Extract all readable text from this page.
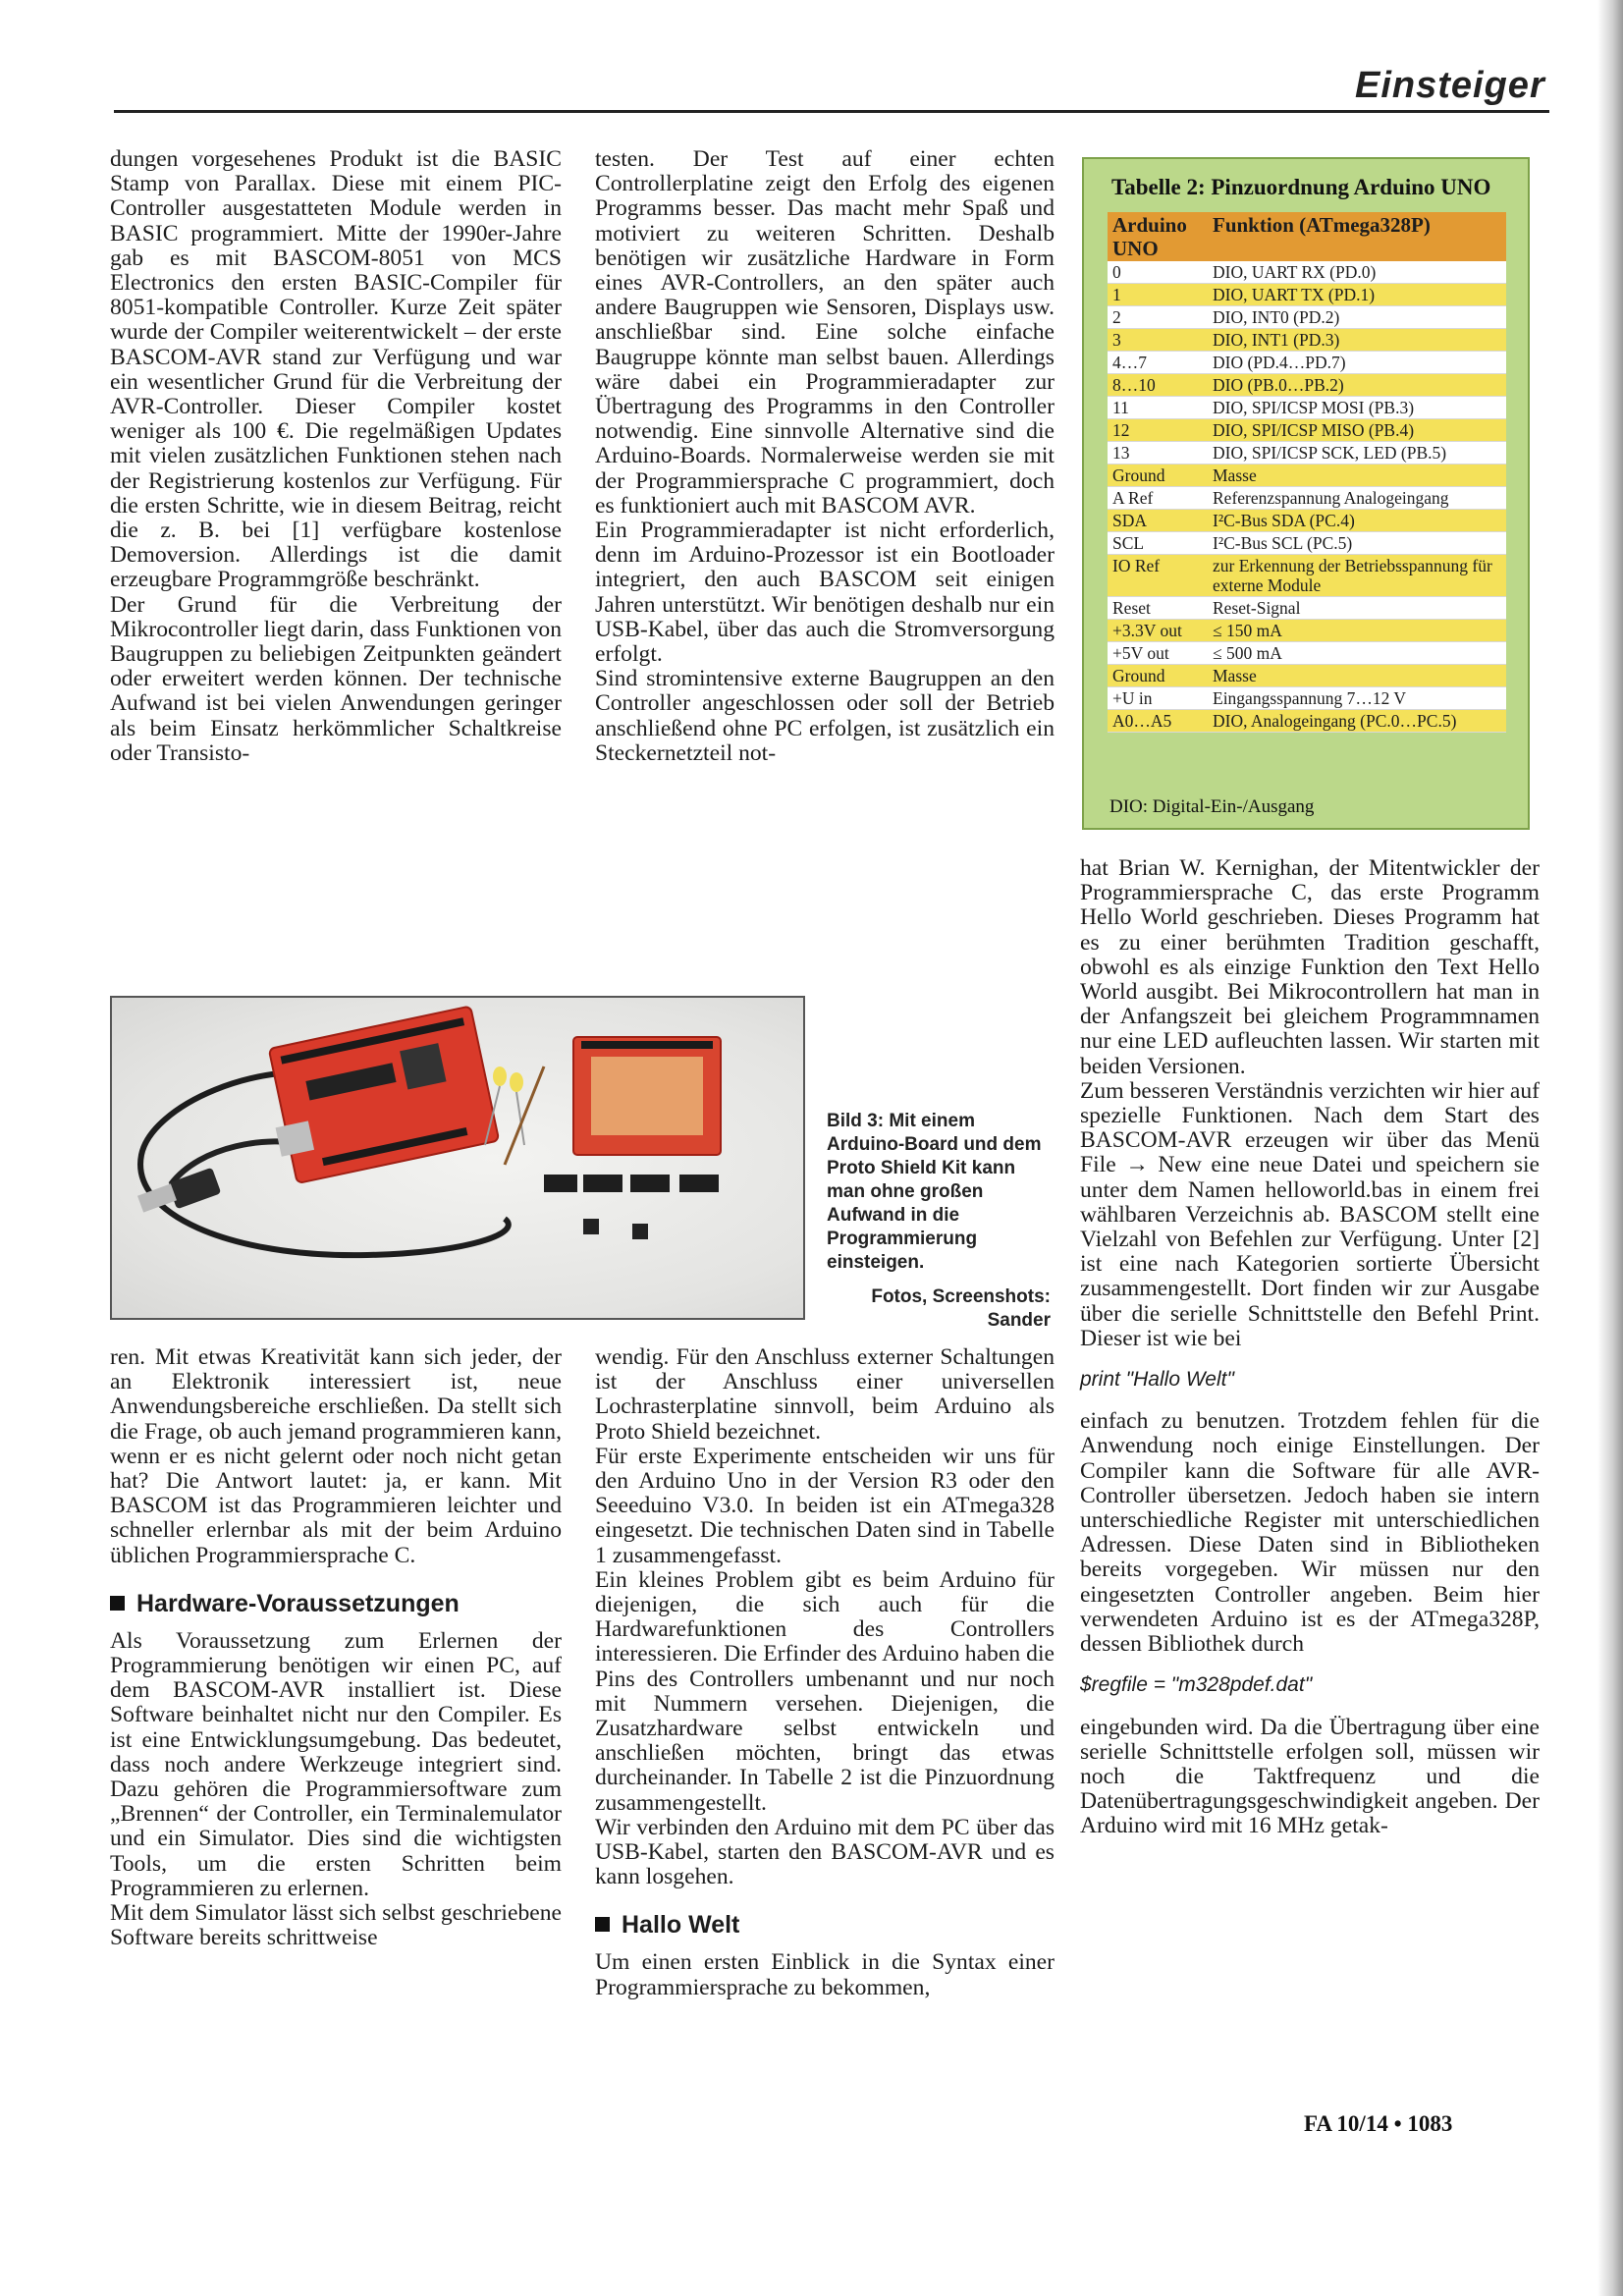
Einsteiger

dungen vorgesehenes Produkt ist die BASIC Stamp von Parallax. Diese mit einem PIC-Controller ausgestatteten Module werden in BASIC programmiert. Mitte der 1990er-Jahre gab es mit BASCOM-8051 von MCS Electronics den ersten BASIC-Compiler für 8051-kompatible Controller. Kurze Zeit später wurde der Compiler weiterentwickelt – der erste BASCOM-AVR stand zur Verfügung und war ein wesentlicher Grund für die Verbreitung der AVR-Controller. Dieser Compiler kostet weniger als 100 €. Die regelmäßigen Updates mit vielen zusätzlichen Funktionen stehen nach der Registrierung kostenlos zur Verfügung. Für die ersten Schritte, wie in diesem Beitrag, reicht die z. B. bei [1] verfügbare kostenlose Demoversion. Allerdings ist die damit erzeugbare Programmgröße beschränkt.

Der Grund für die Verbreitung der Mikrocontroller liegt darin, dass Funktionen von Baugruppen zu beliebigen Zeitpunkten geändert oder erweitert werden können. Der technische Aufwand ist bei vielen Anwendungen geringer als beim Einsatz herkömmlicher Schaltkreise oder Transisto-

testen. Der Test auf einer echten Controllerplatine zeigt den Erfolg des eigenen Programms besser. Das macht mehr Spaß und motiviert zu weiteren Schritten. Deshalb benötigen wir zusätzliche Hardware in Form eines AVR-Controllers, an den später auch andere Baugruppen wie Sensoren, Displays usw. anschließbar sind. Eine solche einfache Baugruppe könnte man selbst bauen. Allerdings wäre dabei ein Programmieradapter zur Übertragung des Programms in den Controller notwendig. Eine sinnvolle Alternative sind die Arduino-Boards. Normalerweise werden sie mit der Programmiersprache C programmiert, doch es funktioniert auch mit BASCOM AVR.

Ein Programmieradapter ist nicht erforderlich, denn im Arduino-Prozessor ist ein Bootloader integriert, den auch BASCOM seit einigen Jahren unterstützt. Wir benötigen deshalb nur ein USB-Kabel, über das auch die Stromversorgung erfolgt.

Sind stromintensive externe Baugruppen an den Controller angeschlossen oder soll der Betrieb anschließend ohne PC erfolgen, ist zusätzlich ein Steckernetzteil not-

Tabelle 2: Pinzuordnung Arduino UNO
Arduino UNO	Funktion (ATmega328P)
0	DIO, UART RX (PD.0)
1	DIO, UART TX (PD.1)
2	DIO, INT0 (PD.2)
3	DIO, INT1 (PD.3)
4…7	DIO (PD.4…PD.7)
8…10	DIO (PB.0…PB.2)
11	DIO, SPI/ICSP MOSI (PB.3)
12	DIO, SPI/ICSP MISO (PB.4)
13	DIO, SPI/ICSP SCK, LED (PB.5)
Ground	Masse
A Ref	Referenzspannung Analogeingang
SDA	I²C-Bus SDA (PC.4)
SCL	I²C-Bus SCL (PC.5)
IO Ref	zur Erkennung der Betriebsspannung für externe Module
Reset	Reset-Signal
+3.3V out	≤ 150 mA
+5V out	≤ 500 mA
Ground	Masse
+U in	Eingangsspannung 7…12 V
A0…A5	DIO, Analogeingang (PC.0…PC.5)
DIO: Digital-Ein-/Ausgang

hat Brian W. Kernighan, der Mitentwickler der Programmiersprache C, das erste Programm Hello World geschrieben. Dieses Programm hat es zu einer berühmten Tradition geschafft, obwohl es als einzige Funktion den Text Hello World ausgibt. Bei Mikrocontrollern hat man in der Anfangszeit bei gleichem Programmnamen nur eine LED aufleuchten lassen. Wir starten mit beiden Versionen.

Zum besseren Verständnis verzichten wir hier auf spezielle Funktionen. Nach dem Start des BASCOM-AVR erzeugen wir über das Menü File → New eine neue Datei und speichern sie unter dem Namen helloworld.bas in einem frei wählbaren Verzeichnis ab. BASCOM stellt eine Vielzahl von Befehlen zur Verfügung. Unter [2] ist eine nach Kategorien sortierte Übersicht zusammengestellt. Dort finden wir zur Ausgabe über die serielle Schnittstelle den Befehl Print. Dieser ist wie bei

print "Hallo Welt"

einfach zu benutzen. Trotzdem fehlen für die Anwendung noch einige Einstellungen. Der Compiler kann die Software für alle AVR-Controller übersetzen. Jedoch haben sie intern unterschiedliche Register mit unterschiedlichen Adressen. Diese Daten sind in Bibliotheken bereits vorgegeben. Wir müssen nur den eingesetzten Controller angeben. Beim hier verwendeten Arduino ist es der ATmega328P, dessen Bibliothek durch

$regfile = "m328pdef.dat"

eingebunden wird. Da die Übertragung über eine serielle Schnittstelle erfolgen soll, müssen wir noch die Taktfrequenz und die Datenübertragungsgeschwindigkeit angeben. Der Arduino wird mit 16 MHz getak-

Bild 3: Mit einem Arduino-Board und dem Proto Shield Kit kann man ohne großen Aufwand in die Programmierung einsteigen.
Fotos, Screenshots: Sander

ren. Mit etwas Kreativität kann sich jeder, der an Elektronik interessiert ist, neue Anwendungsbereiche erschließen. Da stellt sich die Frage, ob auch jemand programmieren kann, wenn er es nicht gelernt oder noch nicht getan hat? Die Antwort lautet: ja, er kann. Mit BASCOM ist das Programmieren leichter und schneller erlernbar als mit der beim Arduino üblichen Programmiersprache C.

Hardware-Voraussetzungen

Als Voraussetzung zum Erlernen der Programmierung benötigen wir einen PC, auf dem BASCOM-AVR installiert ist. Diese Software beinhaltet nicht nur den Compiler. Es ist eine Entwicklungsumgebung. Das bedeutet, dass noch andere Werkzeuge integriert sind. Dazu gehören die Programmiersoftware zum „Brennen“ der Controller, ein Terminalemulator und ein Simulator. Dies sind die wichtigsten Tools, um die ersten Schritten beim Programmieren zu erlernen.

Mit dem Simulator lässt sich selbst geschriebene Software bereits schrittweise

wendig. Für den Anschluss externer Schaltungen ist der Anschluss einer universellen Lochrasterplatine sinnvoll, beim Arduino als Proto Shield bezeichnet.

Für erste Experimente entscheiden wir uns für den Arduino Uno in der Version R3 oder den Seeeduino V3.0. In beiden ist ein ATmega328 eingesetzt. Die technischen Daten sind in Tabelle 1 zusammengefasst.

Ein kleines Problem gibt es beim Arduino für diejenigen, die sich auch für die Hardwarefunktionen des Controllers interessieren. Die Erfinder des Arduino haben die Pins des Controllers umbenannt und nur noch mit Nummern versehen. Diejenigen, die Zusatzhardware selbst entwickeln und anschließen möchten, bringt das etwas durcheinander. In Tabelle 2 ist die Pinzuordnung zusammengestellt.

Wir verbinden den Arduino mit dem PC über das USB-Kabel, starten den BASCOM-AVR und es kann losgehen.

Hallo Welt

Um einen ersten Einblick in die Syntax einer Programmiersprache zu bekommen,

FA 10/14 • 1083
